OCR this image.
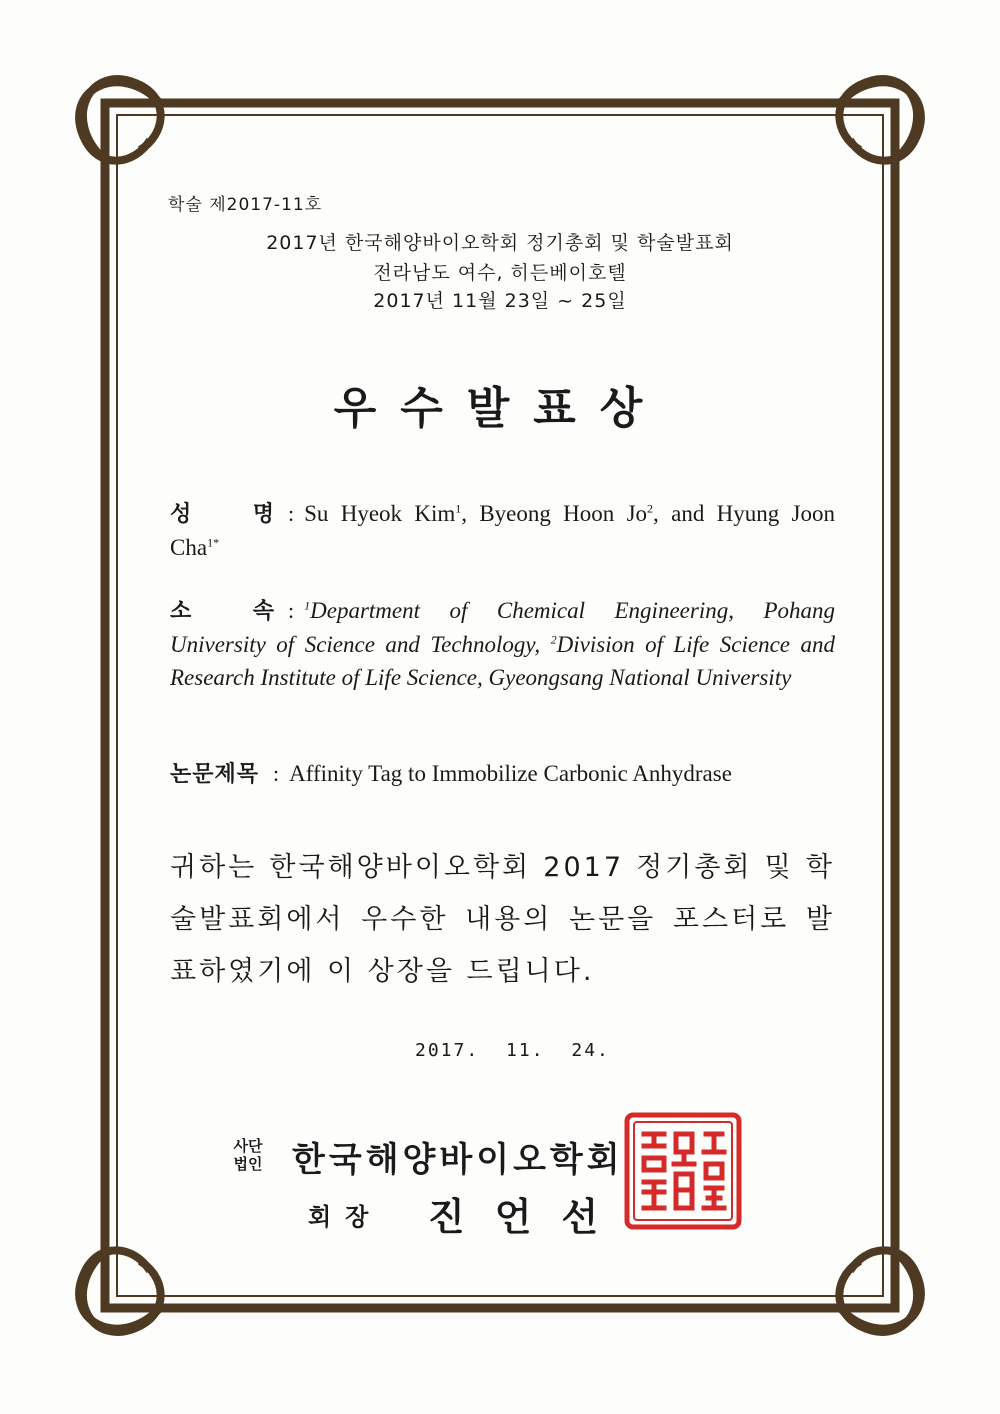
학술 제2017-11호
2017년 한국해양바이오학회 정기총회 및 학술발표회
전라남도 여수, 히든베이호텔
2017년 11월 23일 ~ 25일
우수발표상
성	명 : Su Hyeok Kim$^1$, Byeong Hoon Jo$^2$, and Hyung Joon Cha$^{1*}$
소	속 : $^1$Department of Chemical Engineering, Pohang University of Science and Technology, $^2$Division of Life Science and Research Institute of Life Science, Gyeongsang National University
논문제목 : Affinity Tag to Immobilize Carbonic Anhydrase
귀하는 한국해양바이오학회 2017 정기총회 및 학술발표회에서 우수한 내용의 논문을 포스터로 발표하였기에 이 상장을 드립니다.
2017. 11. 24.
사단
법인 한국해양바이오학회
회장 진언선
